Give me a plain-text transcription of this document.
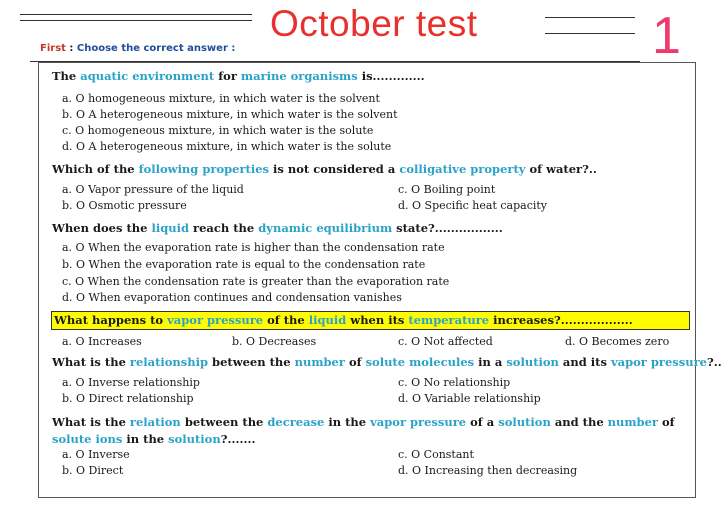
October test	1
First : Choose the correct answer :
The aquatic environment for marine organisms is.............
a. O homogeneous mixture, in which water is the solvent
b. O A heterogeneous mixture, in which water is the solvent
c. O homogeneous mixture, in which water is the solute
d. O A heterogeneous mixture, in which water is the solute
Which of the following properties is not considered a colligative property of water?..
a. O Vapor pressure of the liquid
b. O Osmotic pressure
c. O Boiling point
d. O Specific heat capacity
When does the liquid reach the dynamic equilibrium state?.................
a. O When the evaporation rate is higher than the condensation rate
b. O When the evaporation rate is equal to the condensation rate
c. O When the condensation rate is greater than the evaporation rate
d. O When evaporation continues and condensation vanishes
What happens to vapor pressure of the liquid when its temperature increases?..................
a. O Increases	b. O Decreases	c. O Not affected	d. O Becomes zero
What is the relationship between the number of solute molecules in a solution and its vapor pressure?..
a. O Inverse relationship
b. O Direct relationship
c. O No relationship
d. O Variable relationship
What is the relation between the decrease in the vapor pressure of a solution and the number of solute ions in the solution?.......
a. O Inverse
b. O Direct
c. O Constant
d. O Increasing then decreasing
